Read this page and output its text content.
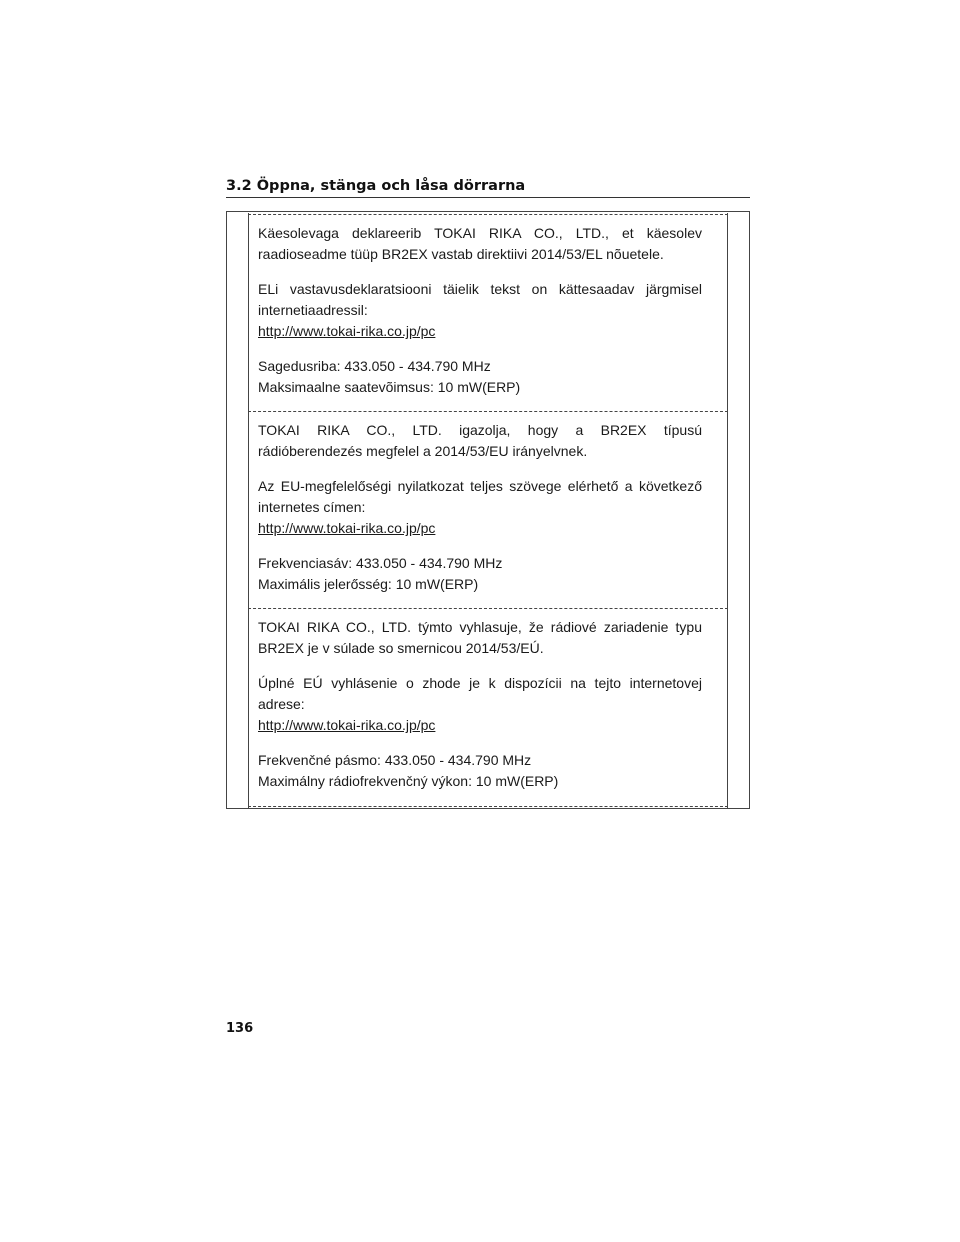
3.2 Öppna, stänga och låsa dörrarna

Käesolevaga deklareerib TOKAI RIKA CO., LTD., et käesolev raadioseadme tüüp BR2EX vastab direktiivi 2014/53/EL nõuetele.

ELi vastavusdeklaratsiooni täielik tekst on kättesaadav järgmisel internetiaadressil:
http://www.tokai-rika.co.jp/pc

Sagedusriba: 433.050 - 434.790 MHz

Maksimaalne saatevõimsus: 10 mW(ERP)

TOKAI RIKA CO., LTD. igazolja, hogy a BR2EX típusú rádióberendezés megfelel a 2014/53/EU irányelvnek.

Az EU-megfelelőségi nyilatkozat teljes szövege elérhető a következő internetes címen:
http://www.tokai-rika.co.jp/pc

Frekvenciasáv: 433.050 - 434.790 MHz

Maximális jelerősség: 10 mW(ERP)

TOKAI RIKA CO., LTD. týmto vyhlasuje, že rádiové zariadenie typu BR2EX je v súlade so smernicou 2014/53/EÚ.

Úplné EÚ vyhlásenie o zhode je k dispozícii na tejto internetovej adrese:
http://www.tokai-rika.co.jp/pc

Frekvenčné pásmo: 433.050 - 434.790 MHz

Maximálny rádiofrekvenčný výkon: 10 mW(ERP)

136
